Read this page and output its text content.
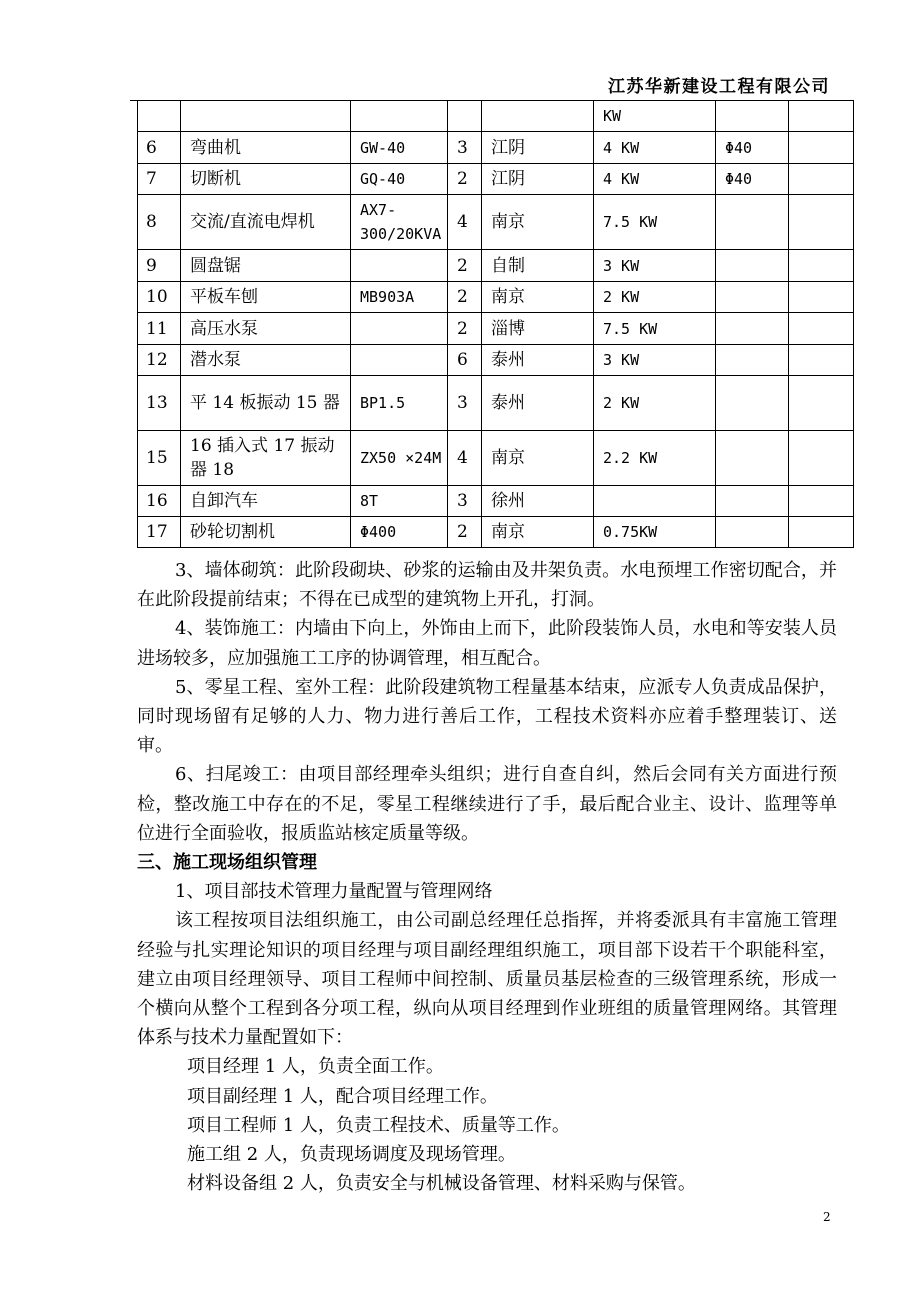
江苏华新建设工程有限公司
					KW		
6	弯曲机	GW-40	3	江阴	4 KW	Φ40	
7	切断机	GQ-40	2	江阴	4 KW	Φ40	
8	交流/直流电焊机	AX7-300/20KVA	4	南京	7.5 KW		
9	圆盘锯		2	自制	3 KW		
10	平板车刨	MB903A	2	南京	2 KW		
11	高压水泵		2	淄博	7.5 KW		
12	潜水泵		6	泰州	3 KW		
13	平 14 板振动 15 器	BP1.5	3	泰州	2 KW		
15	16 插入式 17 振动器 18	ZX50 ×24M	4	南京	2.2 KW		
16	自卸汽车	8T	3	徐州			
17	砂轮切割机	Φ400	2	南京	0.75KW		

3、墙体砌筑：此阶段砌块、砂浆的运输由及井架负责。水电预埋工作密切配合，并在此阶段提前结束；不得在已成型的建筑物上开孔，打洞。

4、装饰施工：内墙由下向上，外饰由上而下，此阶段装饰人员，水电和等安装人员进场较多，应加强施工工序的协调管理，相互配合。

5、零星工程、室外工程：此阶段建筑物工程量基本结束，应派专人负责成品保护，同时现场留有足够的人力、物力进行善后工作，工程技术资料亦应着手整理装订、送审。

6、扫尾竣工：由项目部经理牵头组织；进行自查自纠，然后会同有关方面进行预检，整改施工中存在的不足，零星工程继续进行了手，最后配合业主、设计、监理等单位进行全面验收，报质监站核定质量等级。

三、施工现场组织管理

1、项目部技术管理力量配置与管理网络

该工程按项目法组织施工，由公司副总经理任总指挥，并将委派具有丰富施工管理经验与扎实理论知识的项目经理与项目副经理组织施工，项目部下设若干个职能科室，建立由项目经理领导、项目工程师中间控制、质量员基层检查的三级管理系统，形成一个横向从整个工程到各分项工程，纵向从项目经理到作业班组的质量管理网络。其管理体系与技术力量配置如下：

项目经理 1 人，负责全面工作。

项目副经理 1 人，配合项目经理工作。

项目工程师 1 人，负责工程技术、质量等工作。

施工组 2 人，负责现场调度及现场管理。

材料设备组 2 人，负责安全与机械设备管理、材料采购与保管。

2
